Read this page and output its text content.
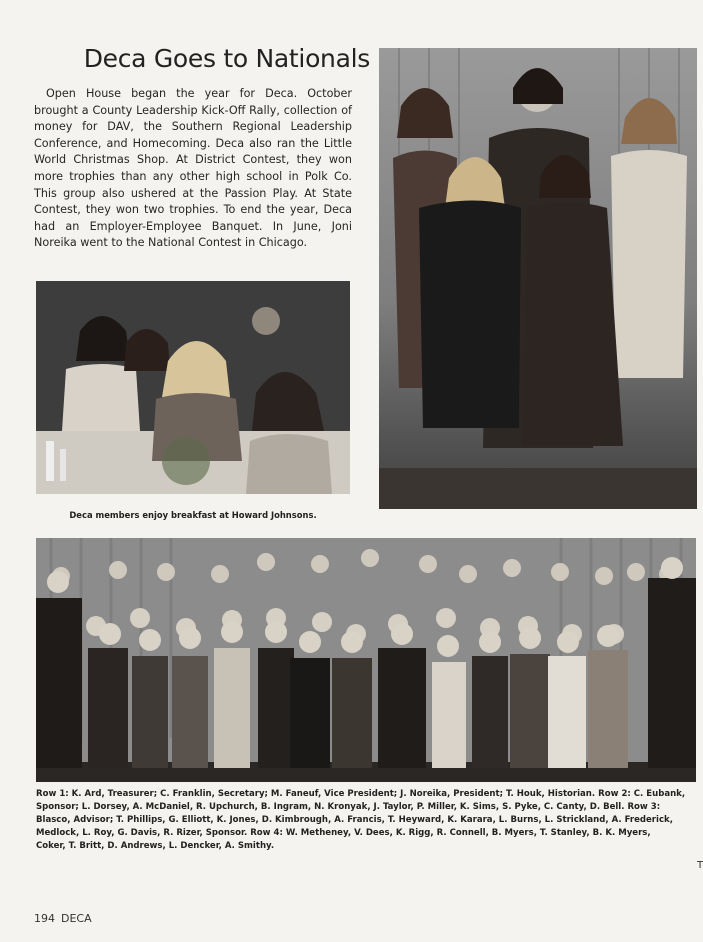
Deca Goes to Nationals
Open House began the year for Deca. October brought a County Leadership Kick-Off Rally, collection of money for DAV, the Southern Regional Leadership Conference, and Homecoming. Deca also ran the Little World Christmas Shop. At District Contest, they won more trophies than any other high school in Polk Co. This group also ushered at the Passion Play. At State Contest, they won two trophies. To end the year, Deca had an Employer-Employee Banquet. In June, Joni Noreika went to the National Contest in Chicago.
Deca members enjoy breakfast at Howard Johnsons.
Row 1: K. Ard, Treasurer; C. Franklin, Secretary; M. Faneuf, Vice President; J. Noreika, President; T. Houk, Historian. Row 2: C. Eubank,
Sponsor; L. Dorsey, A. McDaniel, R. Upchurch, B. Ingram, N. Kronyak, J. Taylor, P. Miller, K. Sims, S. Pyke, C. Canty, D. Bell. Row 3:
Blasco, Advisor; T. Phillips, G. Elliott, K. Jones, D. Kimbrough, A. Francis, T. Heyward, K. Karara, L. Burns, L. Strickland, A. Frederick,
Medlock, L. Roy, G. Davis, R. Rizer, Sponsor. Row 4: W. Metheney, V. Dees, K. Rigg, R. Connell, B. Myers, T. Stanley, B. K. Myers,
Coker, T. Britt, D. Andrews, L. Dencker, A. Smithy.
194 DECA
T
